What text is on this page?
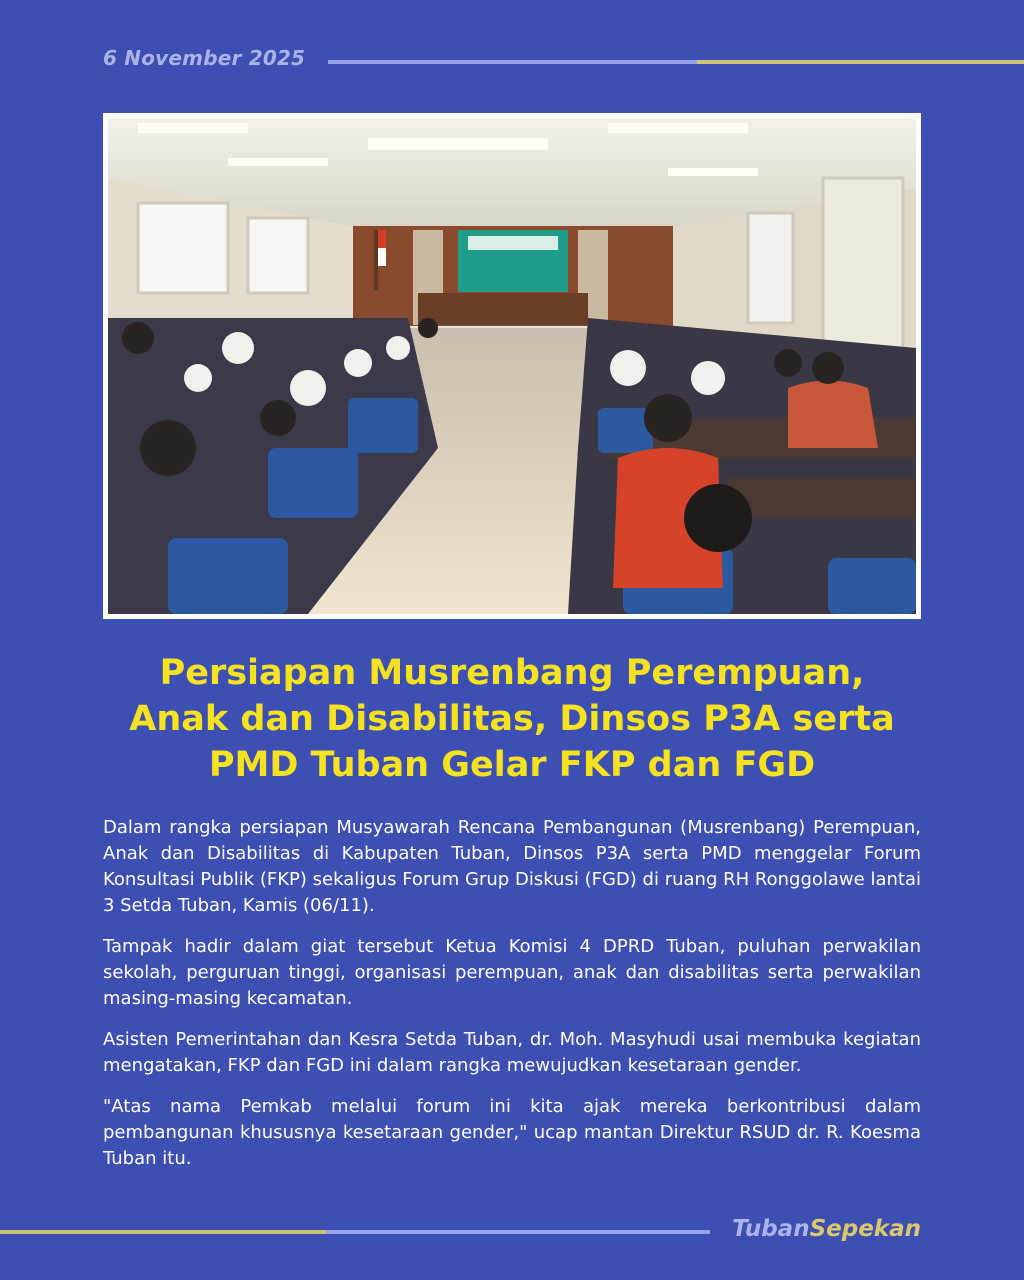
6 November 2025
Persiapan Musrenbang Perempuan,
Anak dan Disabilitas, Dinsos P3A serta
PMD Tuban Gelar FKP dan FGD

Dalam rangka persiapan Musyawarah Rencana Pembangunan (Musrenbang) Perempuan, Anak dan Disabilitas di Kabupaten Tuban, Dinsos P3A serta PMD menggelar Forum Konsultasi Publik (FKP) sekaligus Forum Grup Diskusi (FGD) di ruang RH Ronggolawe lantai 3 Setda Tuban, Kamis (06/11).

Tampak hadir dalam giat tersebut Ketua Komisi 4 DPRD Tuban, puluhan perwakilan sekolah, perguruan tinggi, organisasi perempuan, anak dan disabilitas serta perwakilan masing-masing kecamatan.

Asisten Pemerintahan dan Kesra Setda Tuban, dr. Moh. Masyhudi usai membuka kegiatan mengatakan, FKP dan FGD ini dalam rangka mewujudkan kesetaraan gender.

"Atas nama Pemkab melalui forum ini kita ajak mereka berkontribusi dalam pembangunan khususnya kesetaraan gender," ucap mantan Direktur RSUD dr. R. Koesma Tuban itu.

TubanSepekan
